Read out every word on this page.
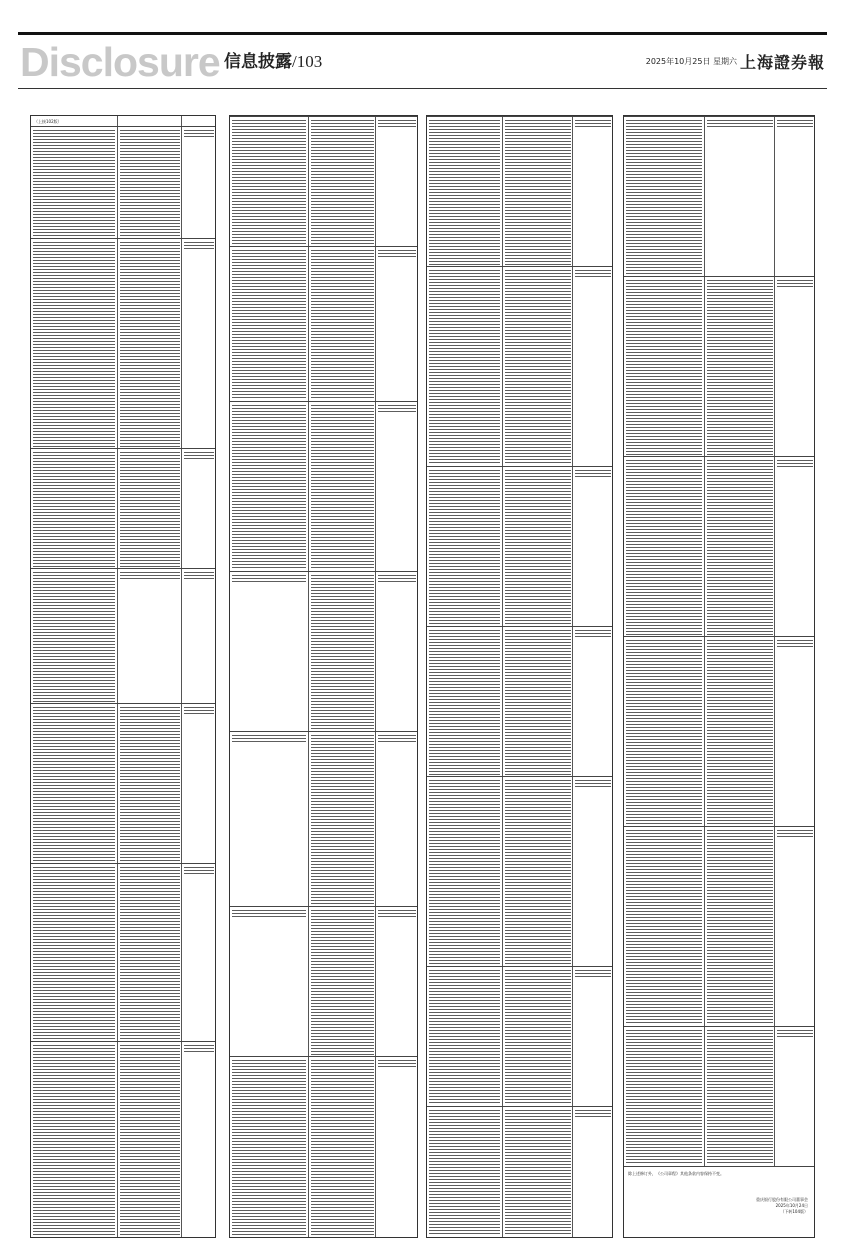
Disclosure 信息披露/103	2025年10月25日 星期六 上海證券報
（上接102版）
除上述修订外，《公司章程》其他条款内容保持不变。
重庆银行股份有限公司董事会
2025年10月24日
（下转104版）
